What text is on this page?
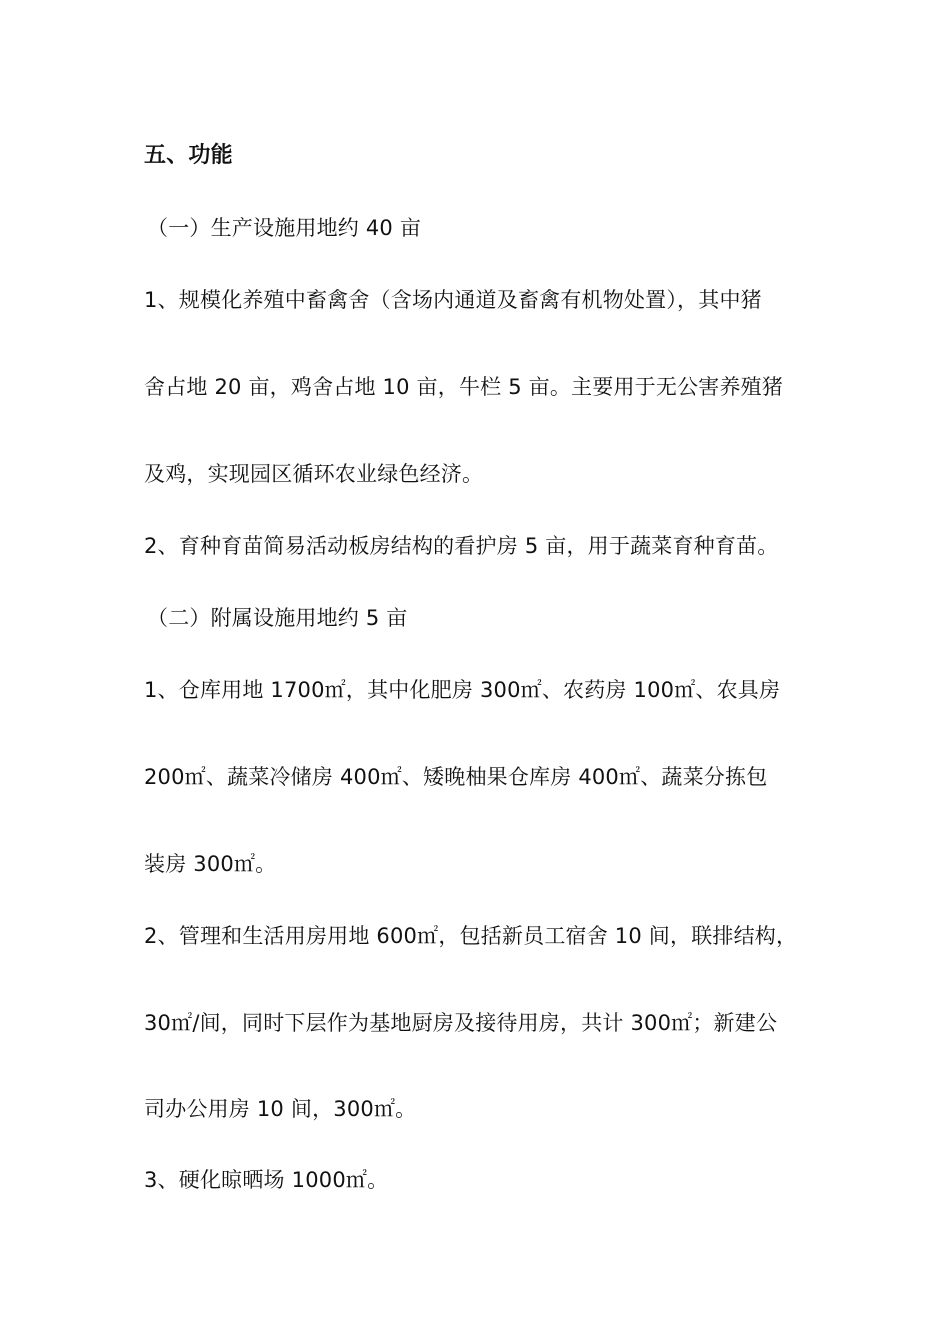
五、功能
（一）生产设施用地约 40 亩
1、规模化养殖中畜禽舍（含场内通道及畜禽有机物处置），其中猪
舍占地 20 亩，鸡舍占地 10 亩，牛栏 5 亩。主要用于无公害养殖猪
及鸡，实现园区循环农业绿色经济。
2、育种育苗简易活动板房结构的看护房 5 亩，用于蔬菜育种育苗。
（二）附属设施用地约 5 亩
1、仓库用地 1700㎡，其中化肥房 300㎡、农药房 100㎡、农具房
200㎡、蔬菜冷储房 400㎡、矮晚柚果仓库房 400㎡、蔬菜分拣包
装房 300㎡。
2、管理和生活用房用地 600㎡，包括新员工宿舍 10 间，联排结构，
30㎡/间，同时下层作为基地厨房及接待用房，共计 300㎡；新建公
司办公用房 10 间，300㎡。
3、硬化晾晒场 1000㎡。
